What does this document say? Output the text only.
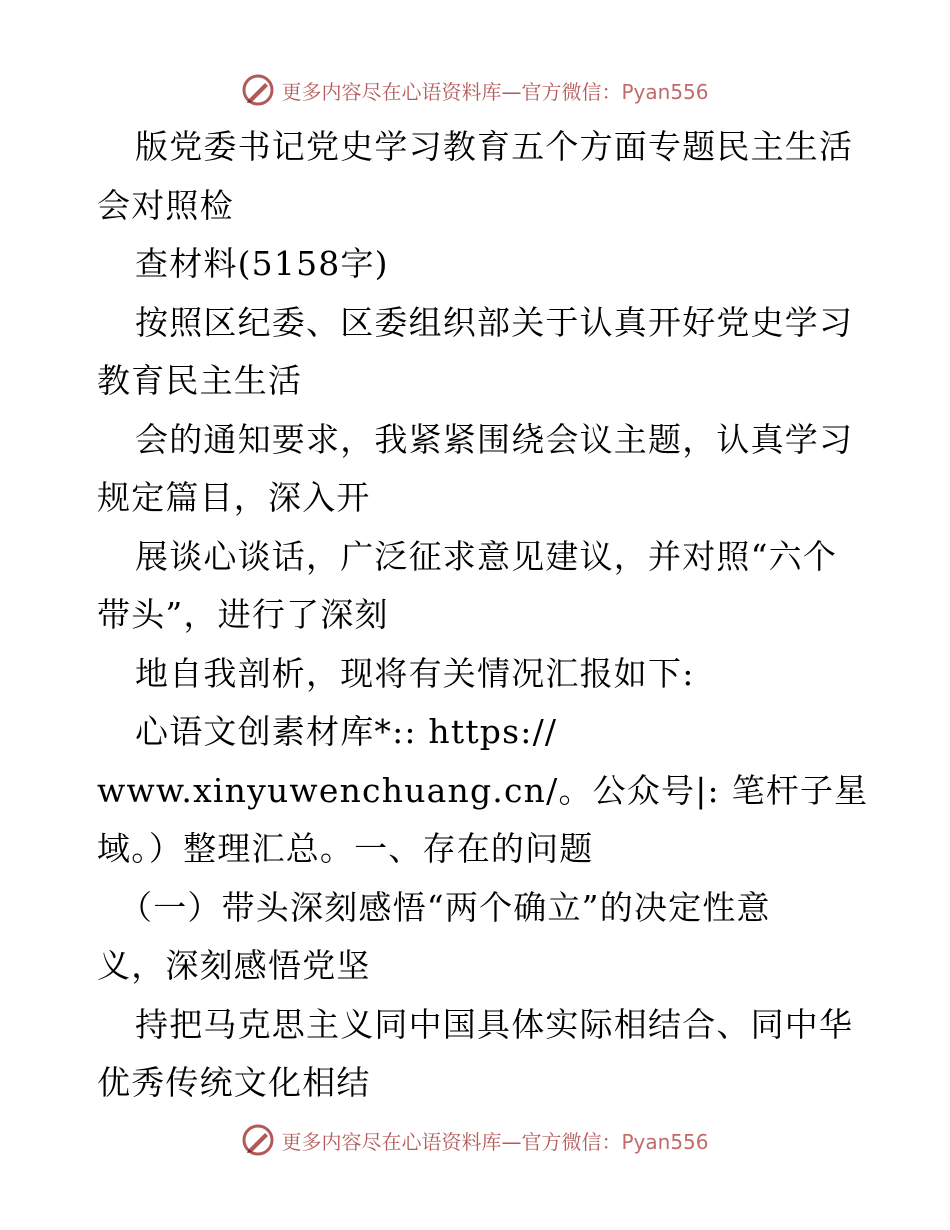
更多内容尽在心语资料库—官方微信：Pyan556
版党委书记党史学习教育五个方面专题民主生活
会对照检
查材料(5158字)
按照区纪委、区委组织部关于认真开好党史学习
教育民主生活
会的通知要求，我紧紧围绕会议主题，认真学习
规定篇目，深入开
展谈心谈话，广泛征求意见建议，并对照“六个
带头”，进行了深刻
地自我剖析，现将有关情况汇报如下:
心语文创素材库*:: https://
www.xinyuwenchuang.cn/。公众号|: 笔杆子星
域。）整理汇总。一、存在的问题
（一）带头深刻感悟“两个确立”的决定性意
义，深刻感悟党坚
持把马克思主义同中国具体实际相结合、同中华
优秀传统文化相结
更多内容尽在心语资料库—官方微信：Pyan556
